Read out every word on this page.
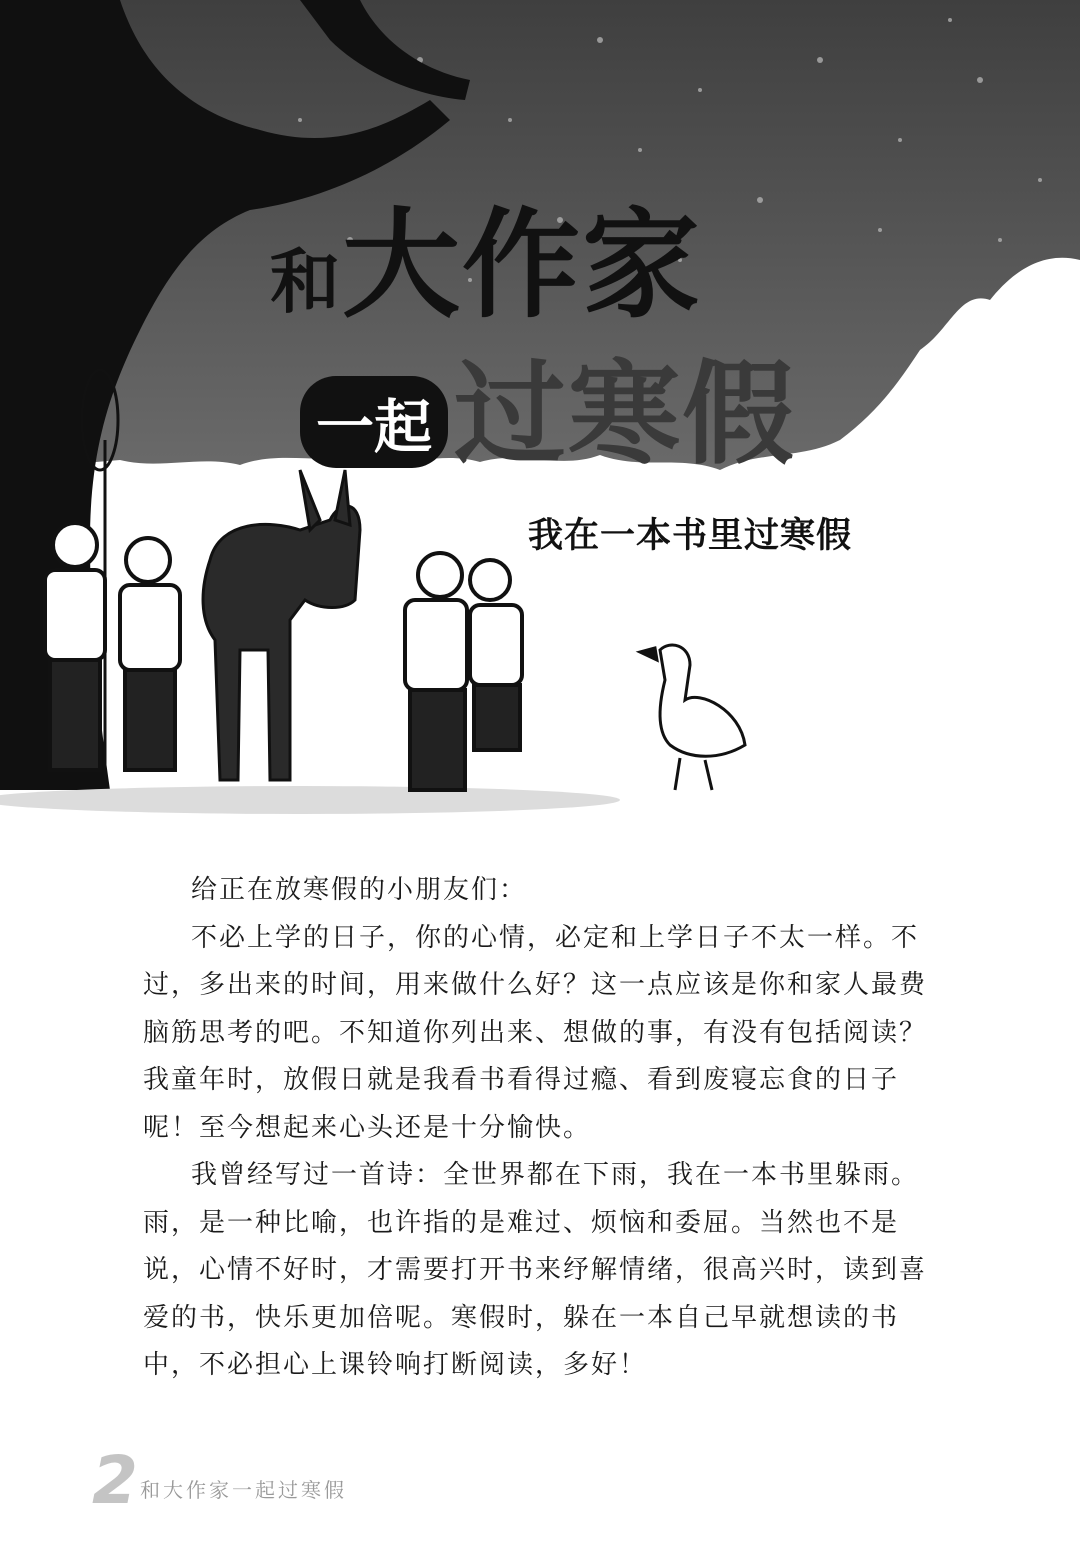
和大作家
一起 过寒假
我在一本书里过寒假

给正在放寒假的小朋友们：

不必上学的日子，你的心情，必定和上学日子不太一样。不过，多出来的时间，用来做什么好？这一点应该是你和家人最费脑筋思考的吧。不知道你列出来、想做的事，有没有包括阅读？我童年时，放假日就是我看书看得过瘾、看到废寝忘食的日子呢！至今想起来心头还是十分愉快。

我曾经写过一首诗：全世界都在下雨，我在一本书里躲雨。雨，是一种比喻，也许指的是难过、烦恼和委屈。当然也不是说，心情不好时，才需要打开书来纾解情绪，很高兴时，读到喜爱的书，快乐更加倍呢。寒假时，躲在一本自己早就想读的书中，不必担心上课铃响打断阅读，多好！

2 和大作家一起过寒假
